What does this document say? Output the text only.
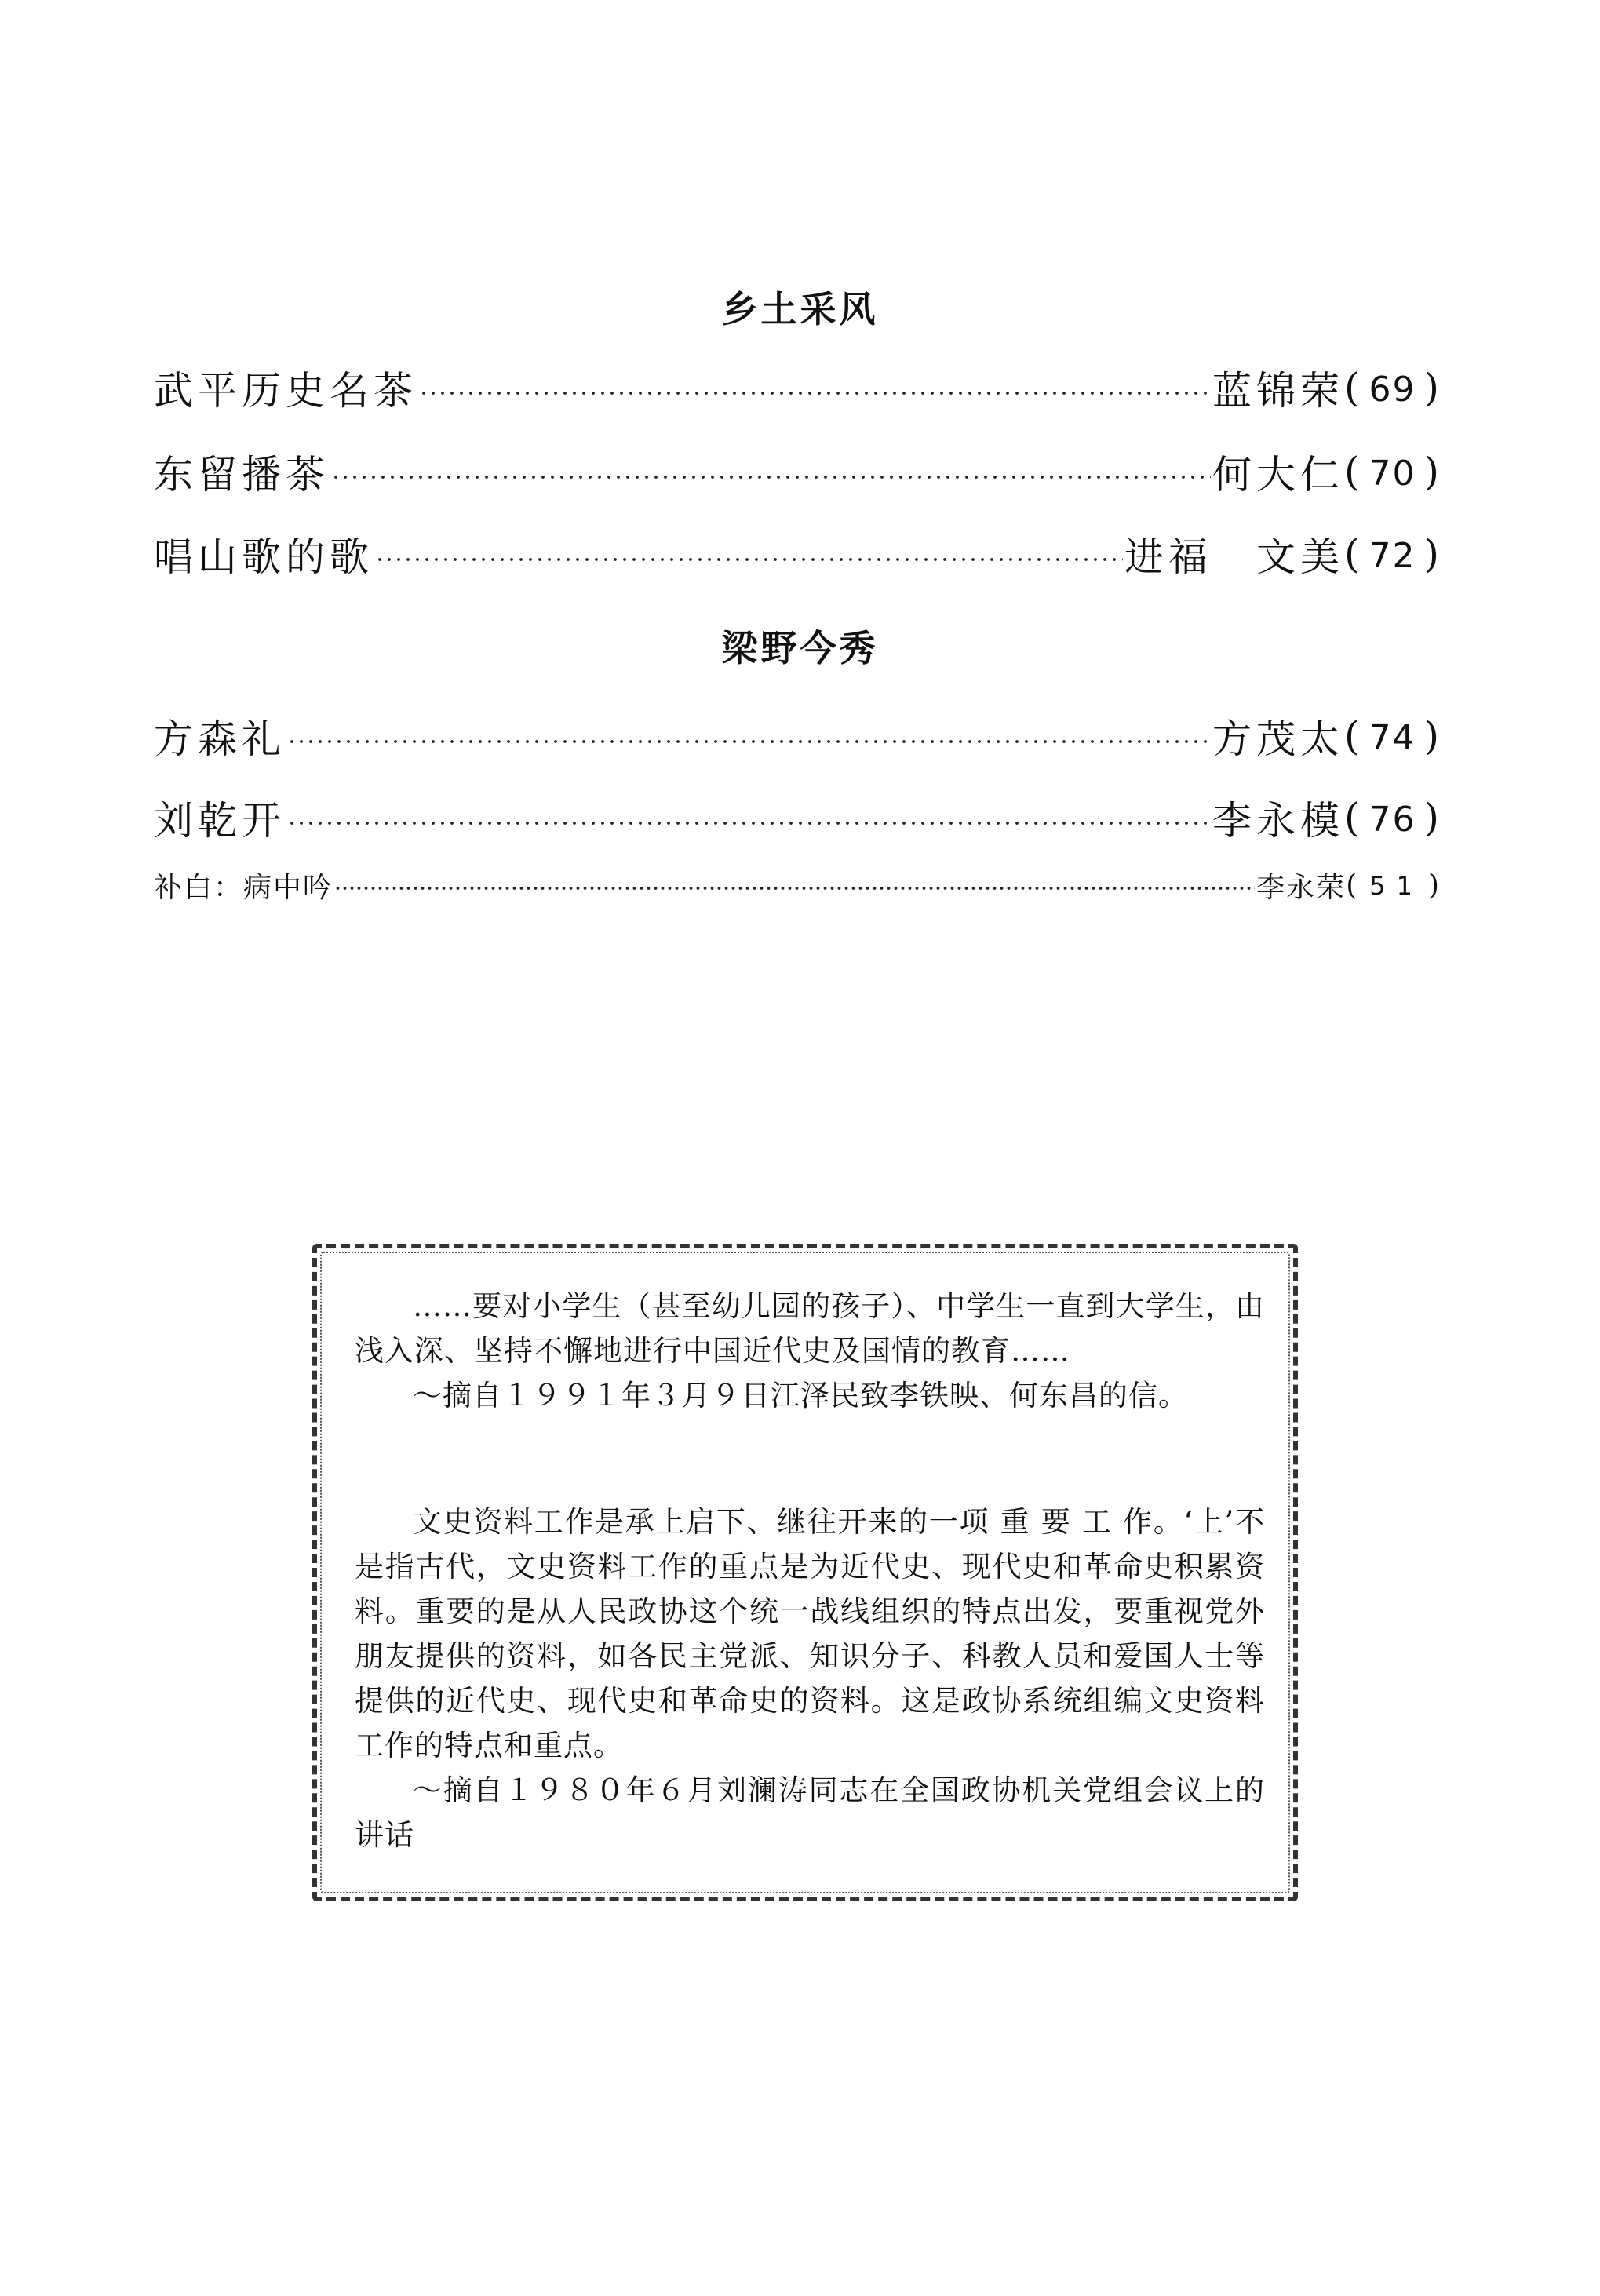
乡土采风
武平历史名茶	蓝锦荣 ( 69 )
东留播茶	何大仁 ( 70 )
唱山歌的歌	进福　文美 ( 72 )
梁野今秀
方森礼	方茂太 ( 74 )
刘乾开	李永模 ( 76 )
补白：病中吟	李永荣 ( 51 )

……要对小学生（甚至幼儿园的孩子）、中学生一直到大学生，由浅入深、坚持不懈地进行中国近代史及国情的教育……

～摘自１９９１年３月９日江泽民致李铁映、何东昌的信。

文史资料工作是承上启下、继往开来的一项 重 要 工 作。‘上’不是指古代，文史资料工作的重点是为近代史、现代史和革命史积累资料。重要的是从人民政协这个统一战线组织的特点出发，要重视党外朋友提供的资料，如各民主党派、知识分子、科教人员和爱国人士等提供的近代史、现代史和革命史的资料。这是政协系统组编文史资料工作的特点和重点。

～摘自１９８０年６月刘澜涛同志在全国政协机关党组会议上的讲话
